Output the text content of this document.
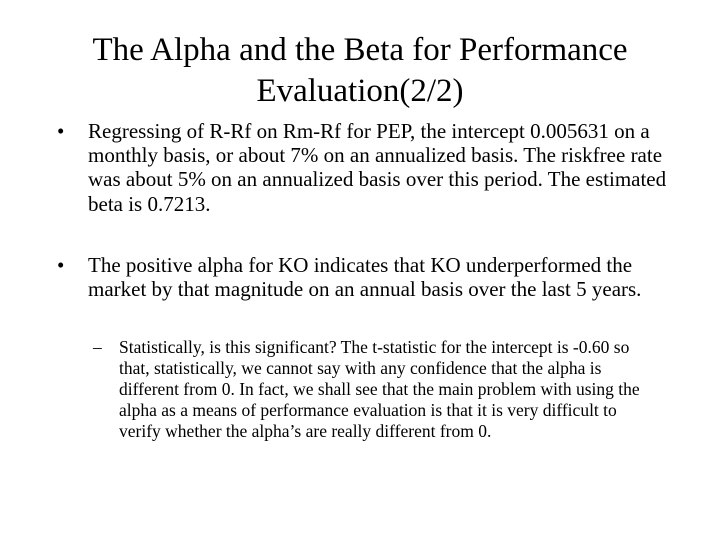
The Alpha and the Beta for Performance
Evaluation(2/2)

• Regressing of R-Rf on Rm-Rf for PEP, the intercept 0.005631 on a monthly basis, or about 7% on an annualized basis. The riskfree rate was about 5% on an annualized basis over this period. The estimated beta is 0.7213.

• The positive alpha for KO indicates that KO underperformed the market by that magnitude on an annual basis over the last 5 years.

– Statistically, is this significant? The t-statistic for the intercept is -0.60 so that, statistically, we cannot say with any confidence that the alpha is different from 0. In fact, we shall see that the main problem with using the alpha as a means of performance evaluation is that it is very difficult to verify whether the alpha’s are really different from 0.
